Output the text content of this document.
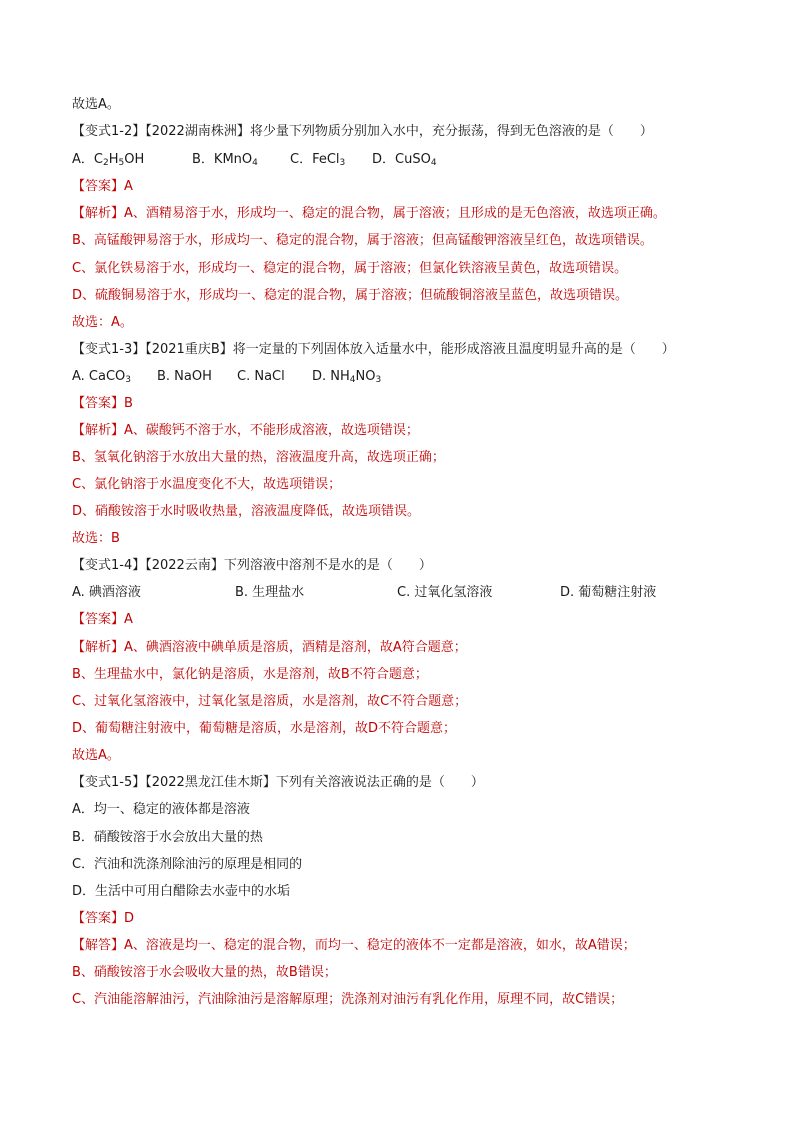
故选A。
【变式1-2】【2022湖南株洲】将少量下列物质分别加入水中，充分振荡，得到无色溶液的是（　　）
A．$C_2H_5OH$	B．KMnO$_4$ C．FeCl$_3$ D．CuSO$_4$
【答案】A
【解析】A、酒精易溶于水，形成均一、稳定的混合物，属于溶液；且形成的是无色溶液，故选项正确。
B、高锰酸钾易溶于水，形成均一、稳定的混合物，属于溶液；但高锰酸钾溶液呈红色，故选项错误。
C、氯化铁易溶于水，形成均一、稳定的混合物，属于溶液；但氯化铁溶液呈黄色，故选项错误。
D、硫酸铜易溶于水，形成均一、稳定的混合物，属于溶液；但硫酸铜溶液呈蓝色，故选项错误。
故选：A。
【变式1-3】【2021重庆B】将一定量的下列固体放入适量水中，能形成溶液且温度明显升高的是（　　）
A. CaCO$_3$ B. NaOH C. NaCl D. $NH_4NO_3$
【答案】B
【解析】A、碳酸钙不溶于水，不能形成溶液，故选项错误；
B、氢氧化钠溶于水放出大量的热，溶液温度升高，故选项正确；
C、氯化钠溶于水温度变化不大，故选项错误；
D、硝酸铵溶于水时吸收热量，溶液温度降低，故选项错误。
故选：B
【变式1-4】【2022云南】下列溶液中溶剂不是水的是（　　）
A. 碘酒溶液	B. 生理盐水	C. 过氧化氢溶液	D. 葡萄糖注射液
【答案】A
【解析】A、碘酒溶液中碘单质是溶质，酒精是溶剂，故A符合题意；
B、生理盐水中，氯化钠是溶质，水是溶剂，故B不符合题意；
C、过氧化氢溶液中，过氧化氢是溶质，水是溶剂，故C不符合题意；
D、葡萄糖注射液中，葡萄糖是溶质，水是溶剂，故D不符合题意；
故选A。
【变式1-5】【2022黑龙江佳木斯】下列有关溶液说法正确的是（　　）
A．均一、稳定的液体都是溶液
B．硝酸铵溶于水会放出大量的热
C．汽油和洗涤剂除油污的原理是相同的
D．生活中可用白醋除去水壶中的水垢
【答案】D
【解答】A、溶液是均一、稳定的混合物，而均一、稳定的液体不一定都是溶液，如水，故A错误；
B、硝酸铵溶于水会吸收大量的热，故B错误；
C、汽油能溶解油污，汽油除油污是溶解原理；洗涤剂对油污有乳化作用，原理不同，故C错误；
